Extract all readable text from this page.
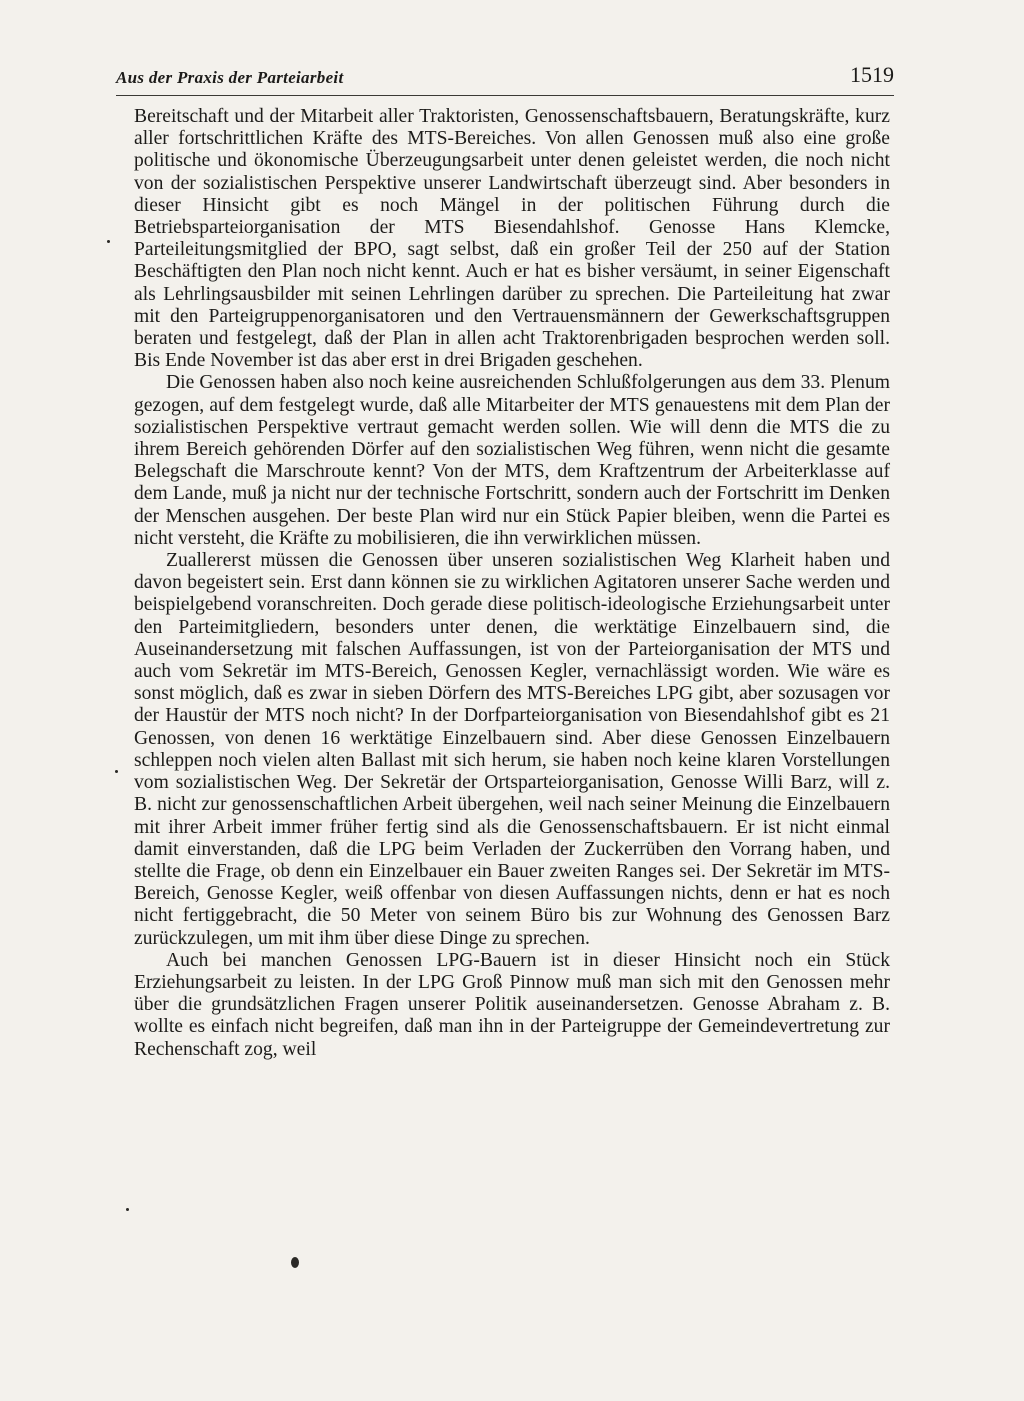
Aus der Praxis der Parteiarbeit	1519

Bereitschaft und der Mitarbeit aller Traktoristen, Genossenschaftsbauern, Beratungskräfte, kurz aller fortschrittlichen Kräfte des MTS-Bereiches. Von allen Genossen muß also eine große politische und ökonomische Überzeugungsarbeit unter denen geleistet werden, die noch nicht von der sozialistischen Perspektive unserer Landwirtschaft überzeugt sind. Aber besonders in dieser Hinsicht gibt es noch Mängel in der politischen Führung durch die Betriebsparteiorganisation der MTS Biesendahlshof. Genosse Hans Klemcke, Parteileitungsmitglied der BPO, sagt selbst, daß ein großer Teil der 250 auf der Station Beschäftigten den Plan noch nicht kennt. Auch er hat es bisher versäumt, in seiner Eigenschaft als Lehrlingsausbilder mit seinen Lehrlingen darüber zu sprechen. Die Parteileitung hat zwar mit den Parteigruppenorganisatoren und den Vertrauensmännern der Gewerkschaftsgruppen beraten und festgelegt, daß der Plan in allen acht Traktorenbrigaden besprochen werden soll. Bis Ende November ist das aber erst in drei Brigaden geschehen.

Die Genossen haben also noch keine ausreichenden Schlußfolgerungen aus dem 33. Plenum gezogen, auf dem festgelegt wurde, daß alle Mitarbeiter der MTS genauestens mit dem Plan der sozialistischen Perspektive vertraut gemacht werden sollen. Wie will denn die MTS die zu ihrem Bereich gehörenden Dörfer auf den sozialistischen Weg führen, wenn nicht die gesamte Belegschaft die Marschroute kennt? Von der MTS, dem Kraftzentrum der Arbeiterklasse auf dem Lande, muß ja nicht nur der technische Fortschritt, sondern auch der Fortschritt im Denken der Menschen ausgehen. Der beste Plan wird nur ein Stück Papier bleiben, wenn die Partei es nicht versteht, die Kräfte zu mobilisieren, die ihn verwirklichen müssen.

Zuallererst müssen die Genossen über unseren sozialistischen Weg Klarheit haben und davon begeistert sein. Erst dann können sie zu wirklichen Agitatoren unserer Sache werden und beispielgebend voranschreiten. Doch gerade diese politisch-ideologische Erziehungsarbeit unter den Parteimitgliedern, besonders unter denen, die werktätige Einzelbauern sind, die Auseinandersetzung mit falschen Auffassungen, ist von der Parteiorganisation der MTS und auch vom Sekretär im MTS-Bereich, Genossen Kegler, vernachlässigt worden. Wie wäre es sonst möglich, daß es zwar in sieben Dörfern des MTS-Bereiches LPG gibt, aber sozusagen vor der Haustür der MTS noch nicht? In der Dorfparteiorganisation von Biesendahlshof gibt es 21 Genossen, von denen 16 werktätige Einzelbauern sind. Aber diese Genossen Einzelbauern schleppen noch vielen alten Ballast mit sich herum, sie haben noch keine klaren Vorstellungen vom sozialistischen Weg. Der Sekretär der Ortsparteiorganisation, Genosse Willi Barz, will z. B. nicht zur genossenschaftlichen Arbeit übergehen, weil nach seiner Meinung die Einzelbauern mit ihrer Arbeit immer früher fertig sind als die Genossenschaftsbauern. Er ist nicht einmal damit einverstanden, daß die LPG beim Verladen der Zuckerrüben den Vorrang haben, und stellte die Frage, ob denn ein Einzelbauer ein Bauer zweiten Ranges sei. Der Sekretär im MTS-Bereich, Genosse Kegler, weiß offenbar von diesen Auffassungen nichts, denn er hat es noch nicht fertiggebracht, die 50 Meter von seinem Büro bis zur Wohnung des Genossen Barz zurückzulegen, um mit ihm über diese Dinge zu sprechen.

Auch bei manchen Genossen LPG-Bauern ist in dieser Hinsicht noch ein Stück Erziehungsarbeit zu leisten. In der LPG Groß Pinnow muß man sich mit den Genossen mehr über die grundsätzlichen Fragen unserer Politik auseinandersetzen. Genosse Abraham z. B. wollte es einfach nicht begreifen, daß man ihn in der Parteigruppe der Gemeindevertretung zur Rechenschaft zog, weil
